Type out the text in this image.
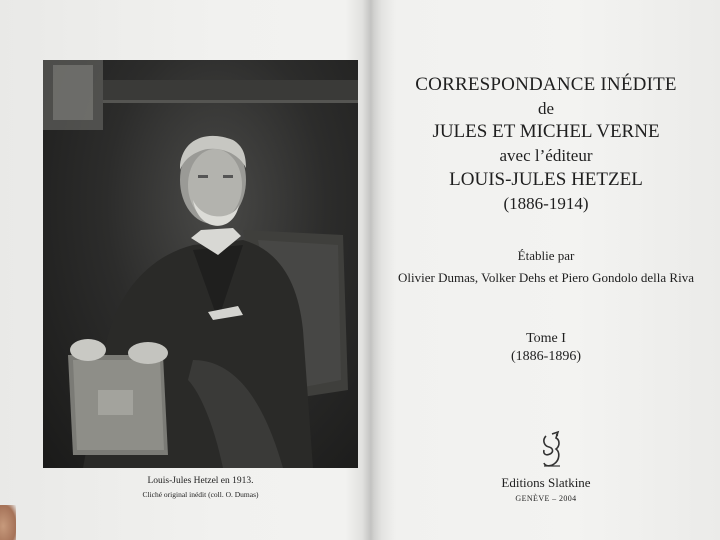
Louis-Jules Hetzel en 1913.
Cliché original inédit (coll. O. Dumas)
CORRESPONDANCE INÉDITE
de
JULES ET MICHEL VERNE
avec l’éditeur
LOUIS-JULES HETZEL
(1886-1914)
Établie par
Olivier Dumas, Volker Dehs et Piero Gondolo della Riva
Tome I
(1886-1896)
Editions Slatkine
GENÈVE – 2004
